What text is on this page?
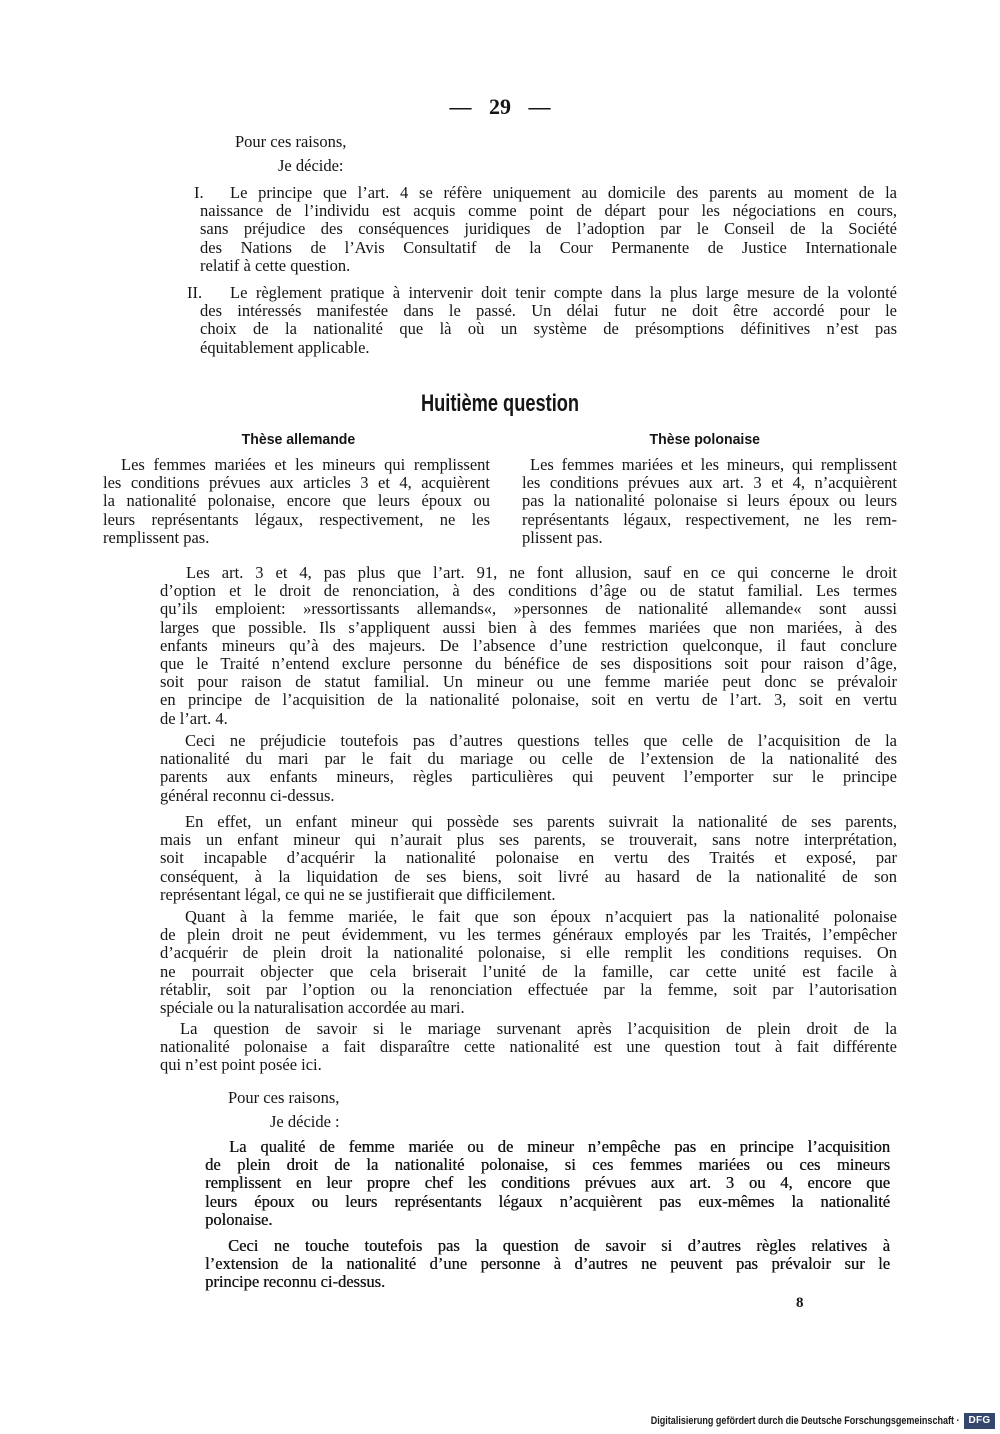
— 29 —
Pour ces raisons,
Je décide:
I.	Le principe que l’art. 4 se réfère uniquement au domicile des parents au moment de la
naissance de l’individu est acquis comme point de départ pour les négociations en cours,
sans préjudice des conséquences juridiques de l’adoption par le Conseil de la Société
des Nations de l’Avis Consultatif de la Cour Permanente de Justice Internationale
relatif à cette question.
II.	Le règlement pratique à intervenir doit tenir compte dans la plus large mesure de la volonté
des intéressés manifestée dans le passé. Un délai futur ne doit être accordé pour le
choix de la nationalité que là où un système de présomptions définitives n’est pas
équitablement applicable.
Huitième question
Thèse allemande	Thèse polonaise
Les femmes mariées et les mineurs qui remplissent
les conditions prévues aux articles 3 et 4, acquièrent
la nationalité polonaise, encore que leurs époux ou
leurs représentants légaux, respectivement, ne les
remplissent pas.
Les femmes mariées et les mineurs, qui remplissent
les conditions prévues aux art. 3 et 4, n’acquièrent
pas la nationalité polonaise si leurs époux ou leurs
représentants légaux, respectivement, ne les rem-
plissent pas.
Les art. 3 et 4, pas plus que l’art. 91, ne font allusion, sauf en ce qui concerne le droit
d’option et le droit de renonciation, à des conditions d’âge ou de statut familial. Les termes
qu’ils emploient: »ressortissants allemands«, »personnes de nationalité allemande« sont aussi
larges que possible. Ils s’appliquent aussi bien à des femmes mariées que non mariées, à des
enfants mineurs qu’à des majeurs. De l’absence d’une restriction quelconque, il faut conclure
que le Traité n’entend exclure personne du bénéfice de ses dispositions soit pour raison d’âge,
soit pour raison de statut familial. Un mineur ou une femme mariée peut donc se prévaloir
en principe de l’acquisition de la nationalité polonaise, soit en vertu de l’art. 3, soit en vertu
de l’art. 4.
Ceci ne préjudicie toutefois pas d’autres questions telles que celle de l’acquisition de la
nationalité du mari par le fait du mariage ou celle de l’extension de la nationalité des
parents aux enfants mineurs, règles particulières qui peuvent l’emporter sur le principe
général reconnu ci-dessus.
En effet, un enfant mineur qui possède ses parents suivrait la nationalité de ses parents,
mais un enfant mineur qui n’aurait plus ses parents, se trouverait, sans notre interprétation,
soit incapable d’acquérir la nationalité polonaise en vertu des Traités et exposé, par
conséquent, à la liquidation de ses biens, soit livré au hasard de la nationalité de son
représentant légal, ce qui ne se justifierait que difficilement.
Quant à la femme mariée, le fait que son époux n’acquiert pas la nationalité polonaise
de plein droit ne peut évidemment, vu les termes généraux employés par les Traités, l’empêcher
d’acquérir de plein droit la nationalité polonaise, si elle remplit les conditions requises. On
ne pourrait objecter que cela briserait l’unité de la famille, car cette unité est facile à
rétablir, soit par l’option ou la renonciation effectuée par la femme, soit par l’autorisation
spéciale ou la naturalisation accordée au mari.
La question de savoir si le mariage survenant après l’acquisition de plein droit de la
nationalité polonaise a fait disparaître cette nationalité est une question tout à fait différente
qui n’est point posée ici.
Pour ces raisons,
Je décide :
La qualité de femme mariée ou de mineur n’empêche pas en principe l’acquisition
de plein droit de la nationalité polonaise, si ces femmes mariées ou ces mineurs
remplissent en leur propre chef les conditions prévues aux art. 3 ou 4, encore que
leurs époux ou leurs représentants légaux n’acquièrent pas eux-mêmes la nationalité
polonaise.
Ceci ne touche toutefois pas la question de savoir si d’autres règles relatives à
l’extension de la nationalité d’une personne à d’autres ne peuvent pas prévaloir sur le
principe reconnu ci-dessus.
8
Digitalisierung gefördert durch die Deutsche Forschungsgemeinschaft · DFG
